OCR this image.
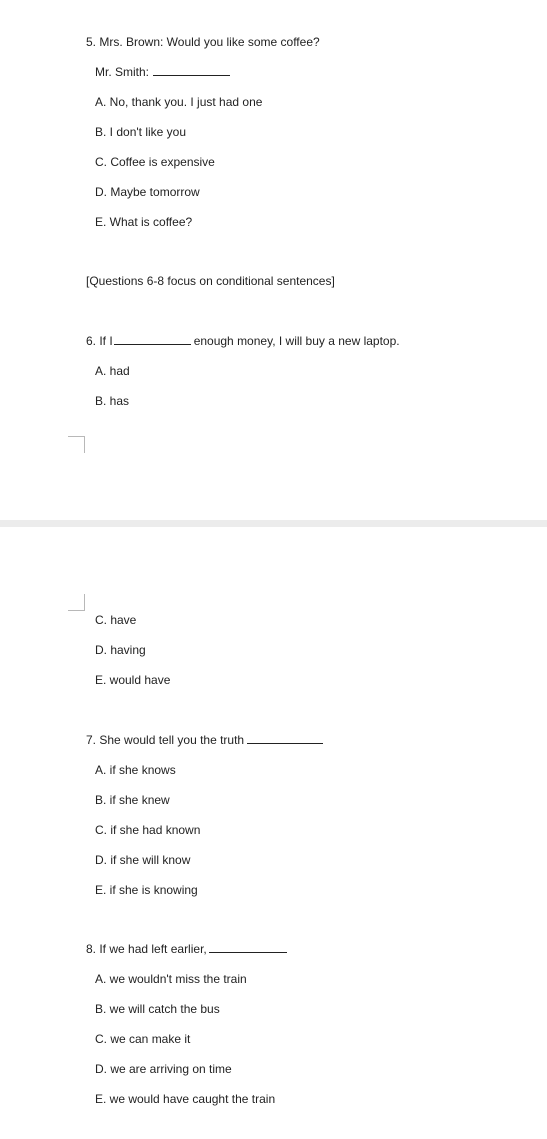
5. Mrs. Brown: Would you like some coffee?
Mr. Smith:
A. No, thank you. I just had one
B. I don't like you
C. Coffee is expensive
D. Maybe tomorrow
E. What is coffee?
[Questions 6-8 focus on conditional sentences]
6. If I	enough money, I will buy a new laptop.
A. had
B. has
C. have
D. having
E. would have
7. She would tell you the truth
A. if she knows
B. if she knew
C. if she had known
D. if she will know
E. if she is knowing
8. If we had left earlier,
A. we wouldn't miss the train
B. we will catch the bus
C. we can make it
D. we are arriving on time
E. we would have caught the train
